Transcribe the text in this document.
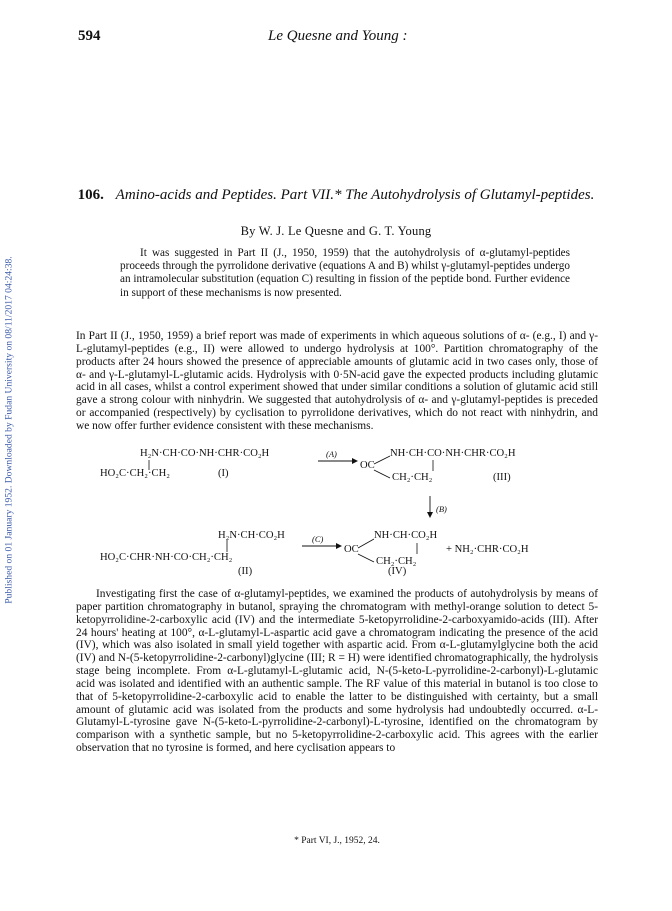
Published on 01 January 1952. Downloaded by Fudan University on 08/11/2017 04:24:38.
594	Le Quesne and Young :
106. Amino-acids and Peptides. Part VII.* The Autohydrolysis of Glutamyl-peptides.
By W. J. Le Quesne and G. T. Young
It was suggested in Part II (J., 1950, 1959) that the autohydrolysis of α-glutamyl-peptides proceeds through the pyrrolidone derivative (equations A and B) whilst γ-glutamyl-peptides undergo an intramolecular substitution (equation C) resulting in fission of the peptide bond. Further evidence in support of these mechanisms is now presented.
In Part II (J., 1950, 1959) a brief report was made of experiments in which aqueous solutions of α- (e.g., I) and γ-L-glutamyl-peptides (e.g., II) were allowed to undergo hydrolysis at 100°. Partition chromatography of the products after 24 hours showed the presence of appreciable amounts of glutamic acid in two cases only, those of α- and γ-L-glutamyl-L-glutamic acids. Hydrolysis with 0·5N-acid gave the expected products including glutamic acid in all cases, whilst a control experiment showed that under similar conditions a solution of glutamic acid still gave a strong colour with ninhydrin. We suggested that autohydrolysis of α- and γ-glutamyl-peptides is preceded or accompanied (respectively) by cyclisation to pyrrolidone derivatives, which do not react with ninhydrin, and we now offer further evidence consistent with these mechanisms.
H₂N·CH·CO·NH·CHR·CO₂H
HO₂C·CH₂·CH₂	(I)
(A)	NH·CH·CO·NH·CHR·CO₂H
OC
CH₂·CH₂	(III)
(B)
H₂N·CH·CO₂H
HO₂C·CHR·NH·CO·CH₂·CH₂
(II)
(C)	NH·CH·CO₂H
OC
CH₂·CH₂
+ NH₂·CHR·CO₂H
(IV)
Investigating first the case of α-glutamyl-peptides, we examined the products of autohydrolysis by means of paper partition chromatography in butanol, spraying the chromatogram with methyl-orange solution to detect 5-ketopyrrolidine-2-carboxylic acid (IV) and the intermediate 5-ketopyrrolidine-2-carboxyamido-acids (III). After 24 hours' heating at 100°, α-L-glutamyl-L-aspartic acid gave a chromatogram indicating the presence of the acid (IV), which was also isolated in small yield together with aspartic acid. From α-L-glutamylglycine both the acid (IV) and N-(5-ketopyrrolidine-2-carbonyl)glycine (III; R = H) were identified chromatographically, the hydrolysis stage being incomplete. From α-L-glutamyl-L-glutamic acid, N-(5-keto-L-pyrrolidine-2-carbonyl)-L-glutamic acid was isolated and identified with an authentic sample. The RF value of this material in butanol is too close to that of 5-ketopyrrolidine-2-carboxylic acid to enable the latter to be distinguished with certainty, but a small amount of glutamic acid was isolated from the products and some hydrolysis had undoubtedly occurred. α-L-Glutamyl-L-tyrosine gave N-(5-keto-L-pyrrolidine-2-carbonyl)-L-tyrosine, identified on the chromatogram by comparison with a synthetic sample, but no 5-ketopyrrolidine-2-carboxylic acid. This agrees with the earlier observation that no tyrosine is formed, and here cyclisation appears to
* Part VI, J., 1952, 24.
